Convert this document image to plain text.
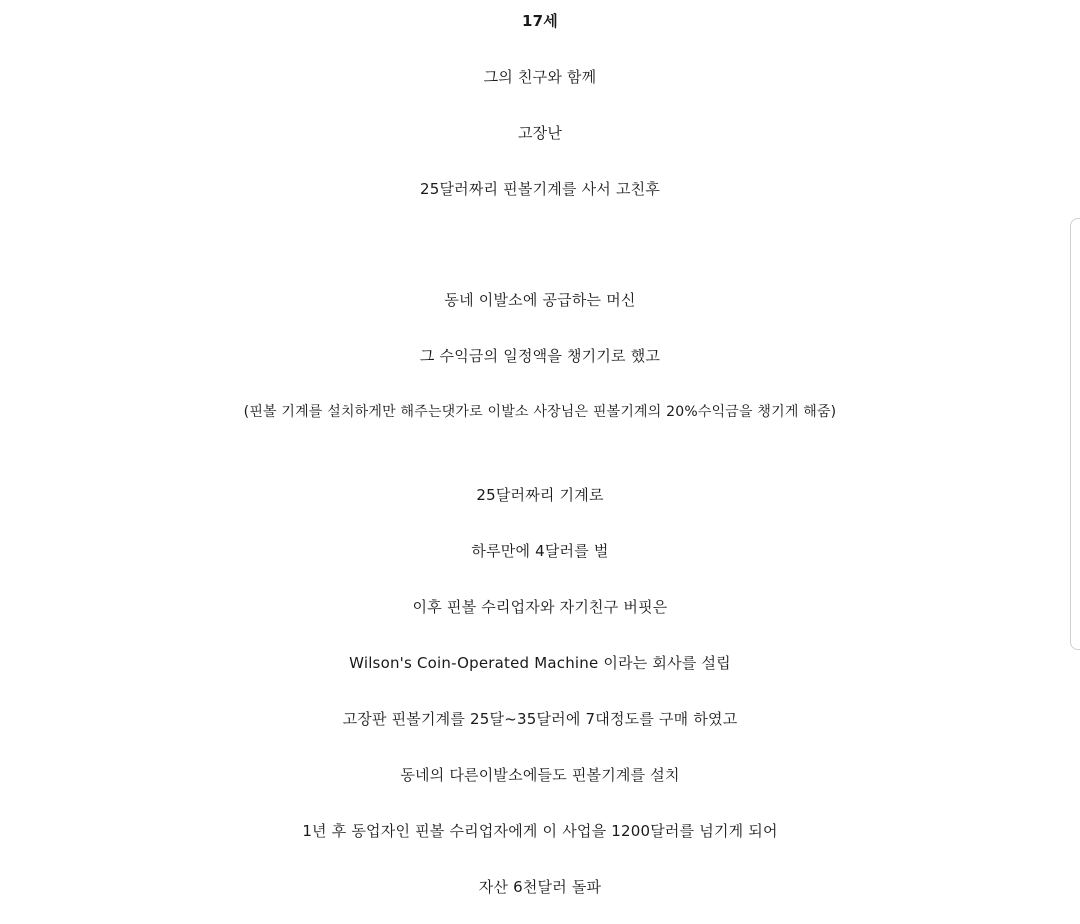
17세
그의 친구와 함께
고장난
25달러짜리 핀볼기계를 사서 고친후
동네 이발소에 공급하는 머신
그 수익금의 일정액을 챙기기로 했고
(핀볼 기계를 설치하게만 해주는댓가로 이발소 사장님은 핀볼기계의 20%수익금을 챙기게 해줌)
25달러짜리 기계로
하루만에 4달러를 벌
이후 핀볼 수리업자와 자기친구 버핏은
Wilson's Coin-Operated Machine 이라는 회사를 설립
고장판 핀볼기계를 25달~35달러에 7대정도를 구매 하였고
동네의 다른이발소에들도 핀볼기계를 설치
1년 후 동업자인 핀볼 수리업자에게 이 사업을 1200달러를 넘기게 되어
자산 6천달러 돌파
